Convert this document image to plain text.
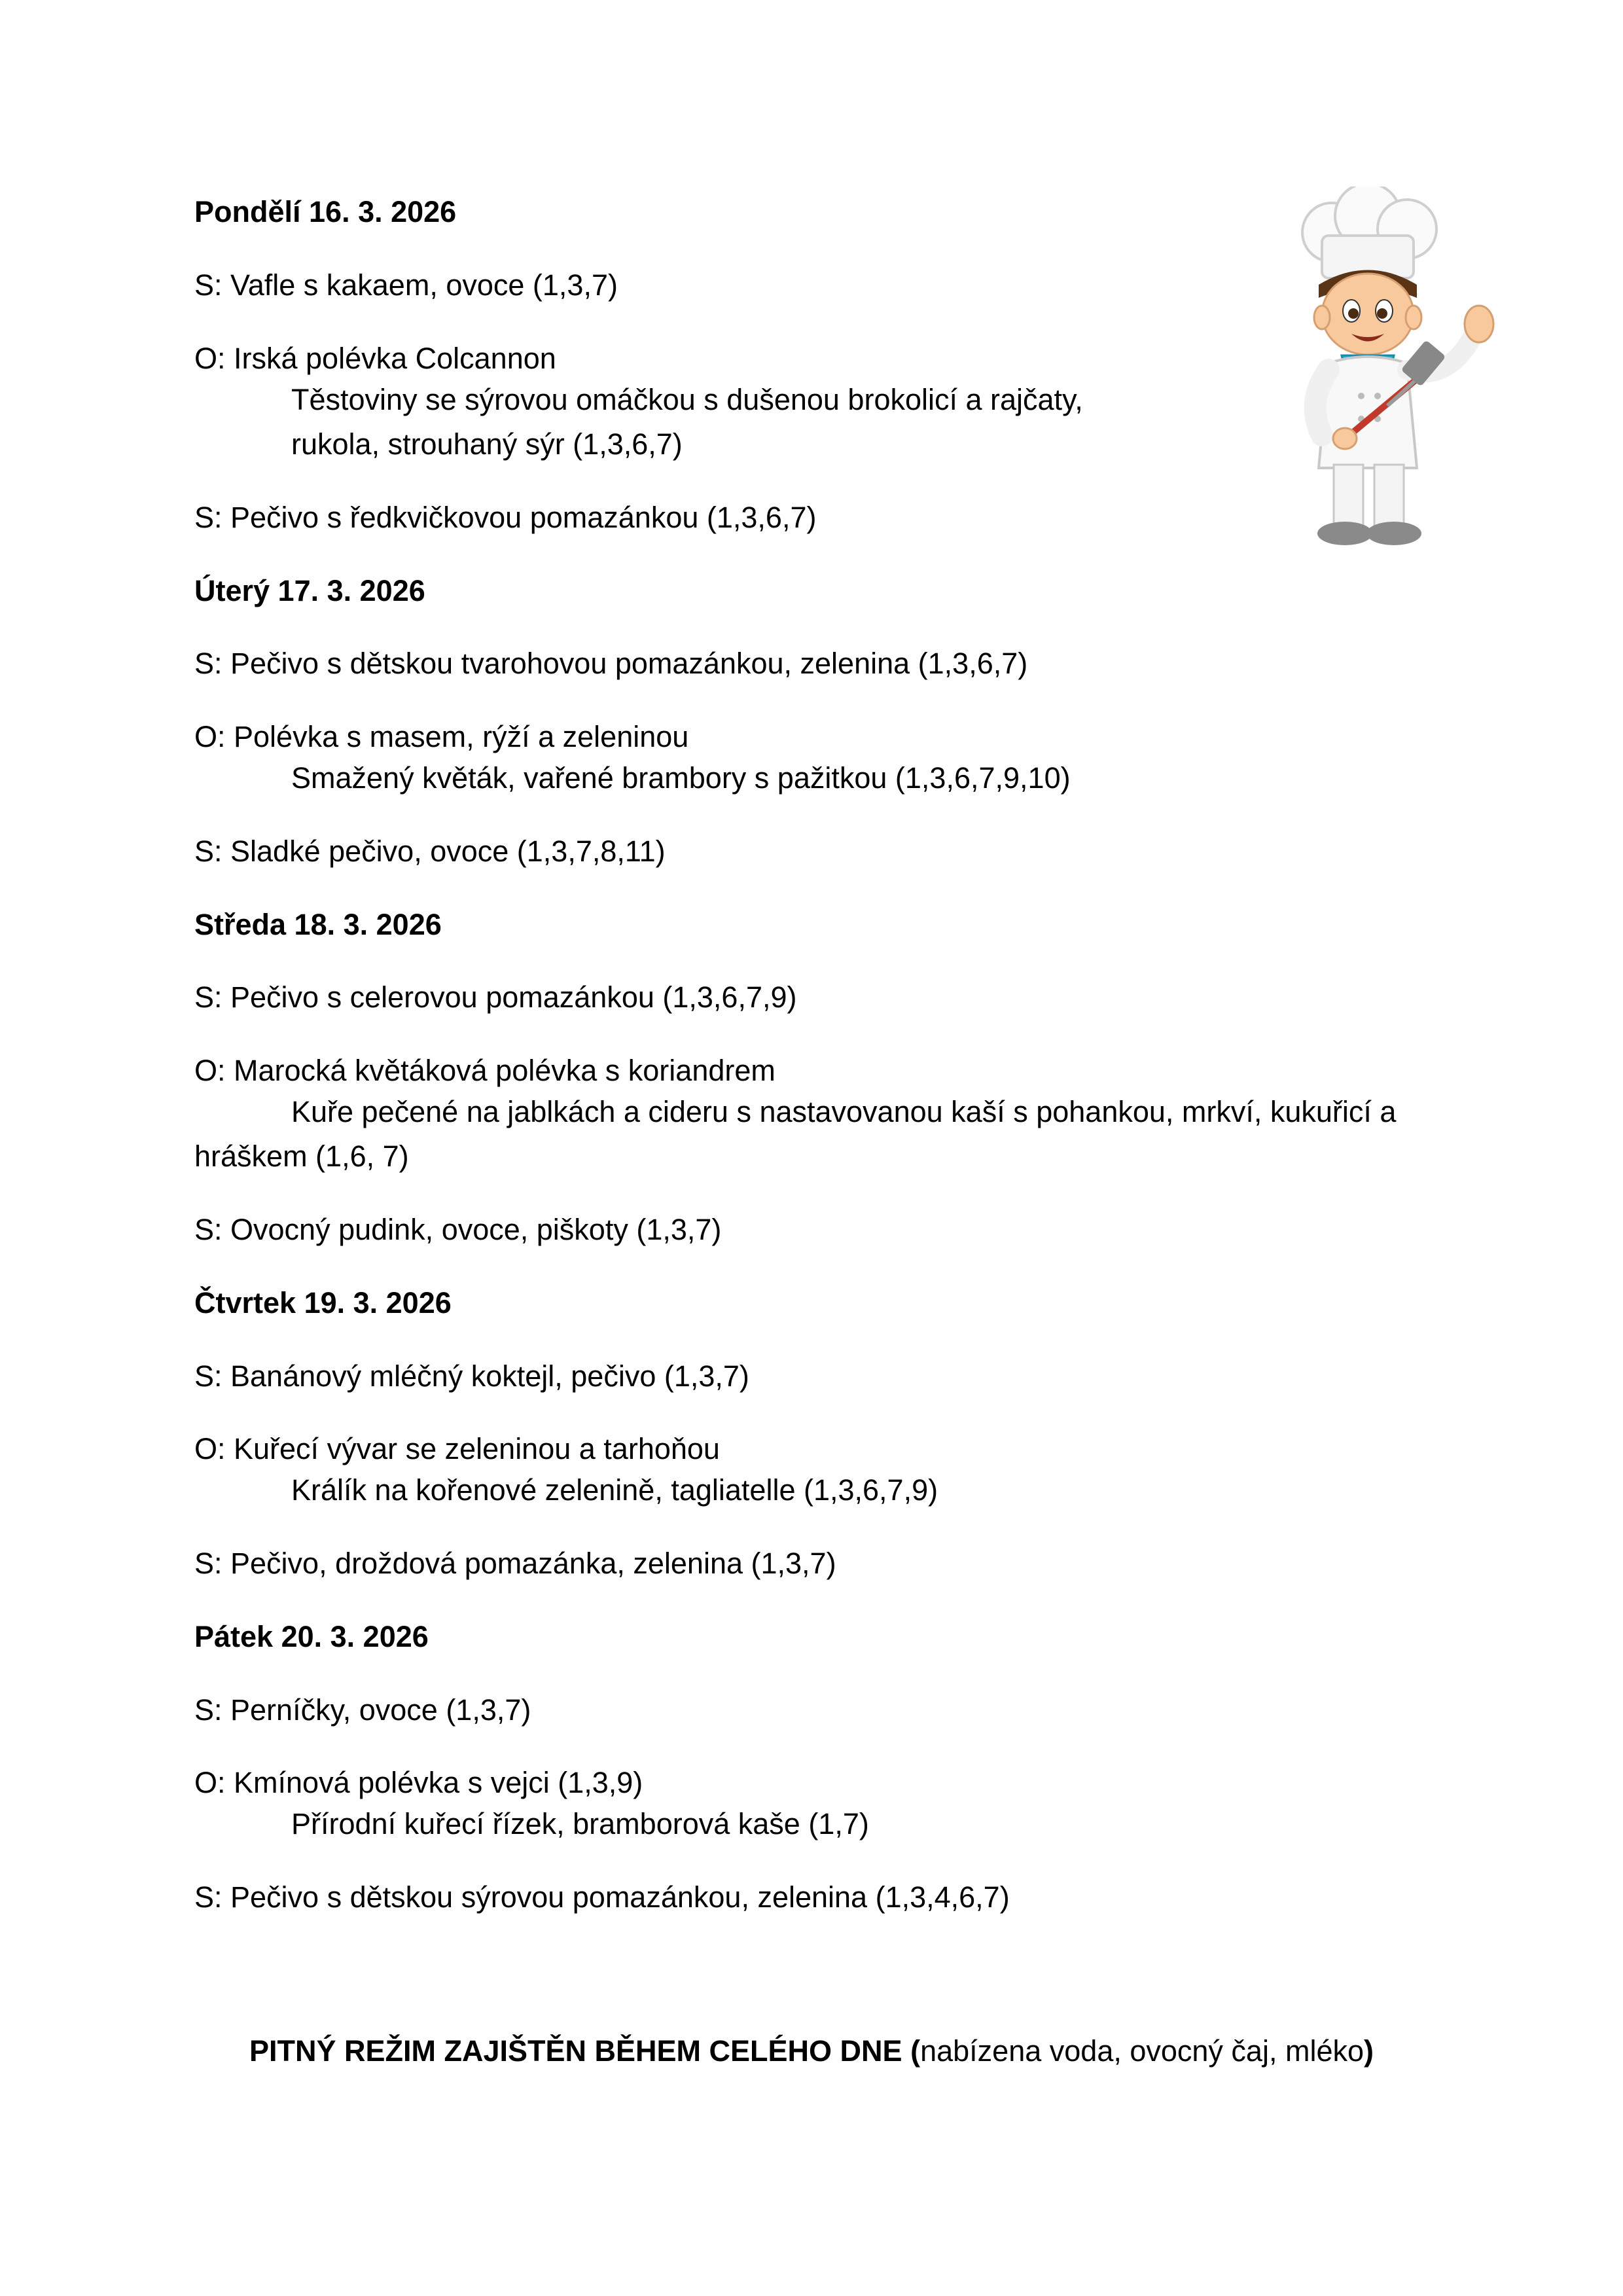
Pondělí 16. 3. 2026
S: Vafle s kakaem, ovoce (1,3,7)
O: Irská polévka Colcannon
Těstoviny se sýrovou omáčkou s dušenou brokolicí a rajčaty,
rukola, strouhaný sýr (1,3,6,7)
S: Pečivo s ředkvičkovou pomazánkou (1,3,6,7)
Úterý 17. 3. 2026
S: Pečivo s dětskou tvarohovou pomazánkou, zelenina (1,3,6,7)
O: Polévka s masem, rýží a zeleninou
Smažený květák, vařené brambory s pažitkou (1,3,6,7,9,10)
S: Sladké pečivo, ovoce (1,3,7,8,11)
Středa 18. 3. 2026
S: Pečivo s celerovou pomazánkou (1,3,6,7,9)
O: Marocká květáková polévka s koriandrem
Kuře pečené na jablkách a cideru s nastavovanou kaší s pohankou, mrkví, kukuřicí a
hráškem (1,6, 7)
S: Ovocný pudink, ovoce, piškoty (1,3,7)
Čtvrtek 19. 3. 2026
S: Banánový mléčný koktejl, pečivo (1,3,7)
O: Kuřecí vývar se zeleninou a tarhoňou
Králík na kořenové zelenině, tagliatelle (1,3,6,7,9)
S: Pečivo, droždová pomazánka, zelenina (1,3,7)
Pátek 20. 3. 2026
S: Perníčky, ovoce (1,3,7)
O: Kmínová polévka s vejci (1,3,9)
Přírodní kuřecí řízek, bramborová kaše (1,7)
S: Pečivo s dětskou sýrovou pomazánkou, zelenina (1,3,4,6,7)
PITNÝ REŽIM ZAJIŠTĚN BĚHEM CELÉHO DNE (nabízena voda, ovocný čaj, mléko)
